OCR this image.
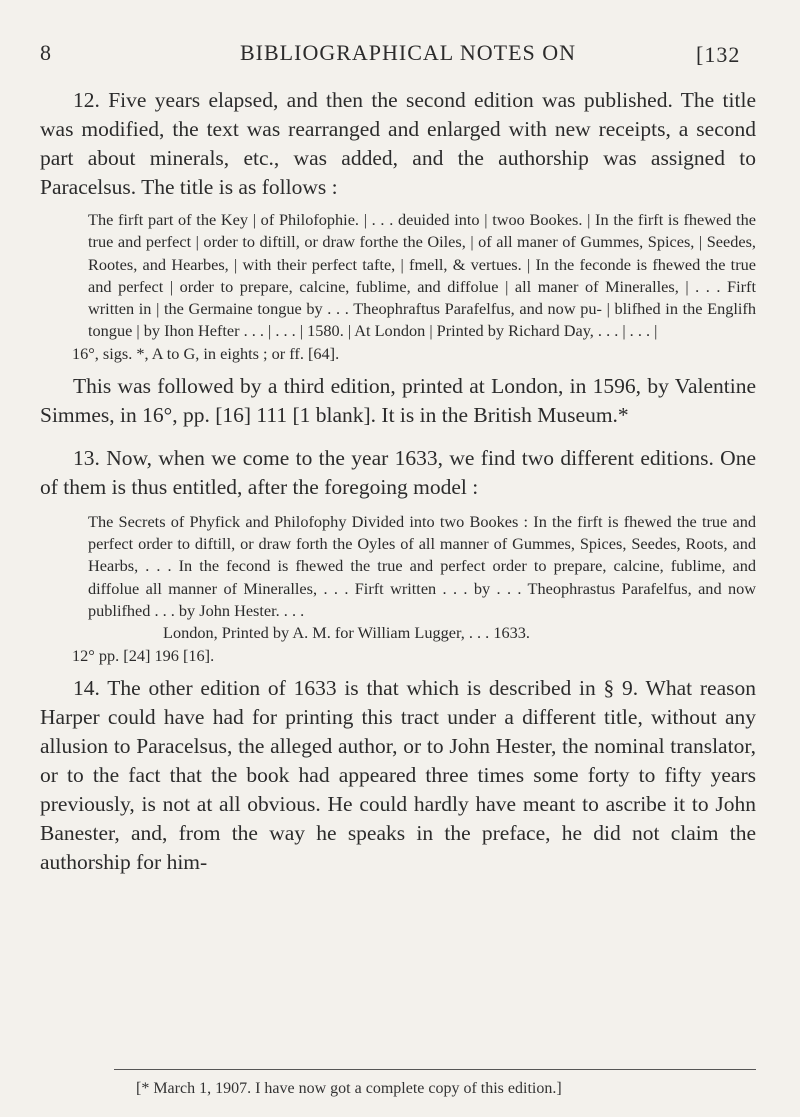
8	BIBLIOGRAPHICAL NOTES ON	[132

12. Five years elapsed, and then the second edition was published. The title was modified, the text was rearranged and enlarged with new receipts, a second part about minerals, etc., was added, and the authorship was assigned to Paracelsus. The title is as follows :

The firft part of the Key | of Philofophie. | . . . deuided into | twoo Bookes. | In the firft is fhewed the true and perfect | order to diftill, or draw forthe the Oiles, | of all maner of Gummes, Spices, | Seedes, Rootes, and Hearbes, | with their perfect tafte, | fmell, & vertues. | In the feconde is fhewed the true and perfect | order to prepare, calcine, fublime, and diffolue | all maner of Mineralles, | . . . Firft written in | the Germaine tongue by . . . Theophraftus Parafelfus, and now pu- | blifhed in the Englifh tongue | by Ihon Hefter . . . | . . . | 1580. | At London | Printed by Richard Day, . . . | . . . |

16°, sigs. *, A to G, in eights ; or ff. [64].

This was followed by a third edition, printed at London, in 1596, by Valentine Simmes, in 16°, pp. [16] 111 [1 blank]. It is in the British Museum.*

13. Now, when we come to the year 1633, we find two different editions. One of them is thus entitled, after the foregoing model :

The Secrets of Phyfick and Philofophy Divided into two Bookes : In the firft is fhewed the true and perfect order to diftill, or draw forth the Oyles of all manner of Gummes, Spices, Seedes, Roots, and Hearbs, . . . In the fecond is fhewed the true and perfect order to prepare, calcine, fublime, and diffolue all manner of Mineralles, . . . Firft written . . . by . . . Theophrastus Parafelfus, and now publifhed . . . by John Hester. . . .
London, Printed by A. M. for William Lugger, . . . 1633.

12° pp. [24] 196 [16].

14. The other edition of 1633 is that which is described in § 9. What reason Harper could have had for printing this tract under a different title, without any allusion to Paracelsus, the alleged author, or to John Hester, the nominal translator, or to the fact that the book had appeared three times some forty to fifty years previously, is not at all obvious. He could hardly have meant to ascribe it to John Banester, and, from the way he speaks in the preface, he did not claim the authorship for him-

[* March 1, 1907. I have now got a complete copy of this edition.]
